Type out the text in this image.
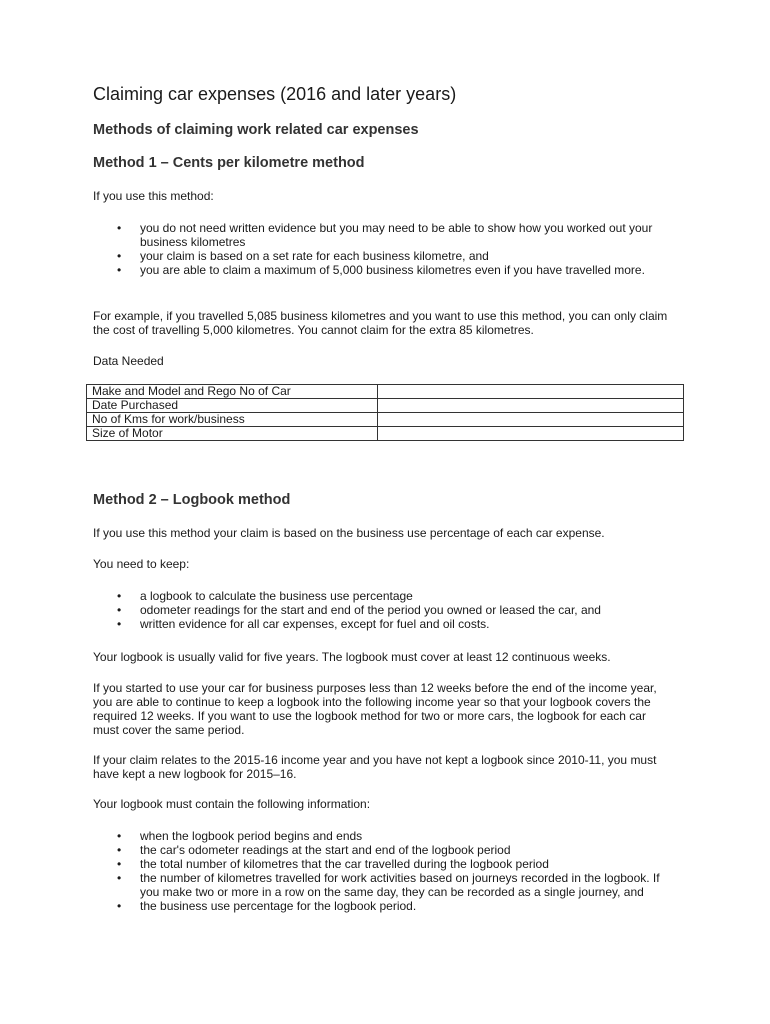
Claiming car expenses (2016 and later years)
Methods of claiming work related car expenses
Method 1 – Cents per kilometre method

If you use this method:

• you do not need written evidence but you may need to be able to show how you worked out your business kilometres
• your claim is based on a set rate for each business kilometre, and
• you are able to claim a maximum of 5,000 business kilometres even if you have travelled more.

For example, if you travelled 5,085 business kilometres and you want to use this method, you can only claim the cost of travelling 5,000 kilometres. You cannot claim for the extra 85 kilometres.

Data Needed

Make and Model and Rego No of Car	
Date Purchased	
No of Kms for work/business	
Size of Motor	
Method 2 – Logbook method

If you use this method your claim is based on the business use percentage of each car expense.

You need to keep:

• a logbook to calculate the business use percentage
• odometer readings for the start and end of the period you owned or leased the car, and
• written evidence for all car expenses, except for fuel and oil costs.

Your logbook is usually valid for five years. The logbook must cover at least 12 continuous weeks.

If you started to use your car for business purposes less than 12 weeks before the end of the income year, you are able to continue to keep a logbook into the following income year so that your logbook covers the required 12 weeks. If you want to use the logbook method for two or more cars, the logbook for each car must cover the same period.

If your claim relates to the 2015-16 income year and you have not kept a logbook since 2010-11, you must have kept a new logbook for 2015–16.

Your logbook must contain the following information:

• when the logbook period begins and ends
• the car's odometer readings at the start and end of the logbook period
• the total number of kilometres that the car travelled during the logbook period
• the number of kilometres travelled for work activities based on journeys recorded in the logbook. If you make two or more in a row on the same day, they can be recorded as a single journey, and
• the business use percentage for the logbook period.
